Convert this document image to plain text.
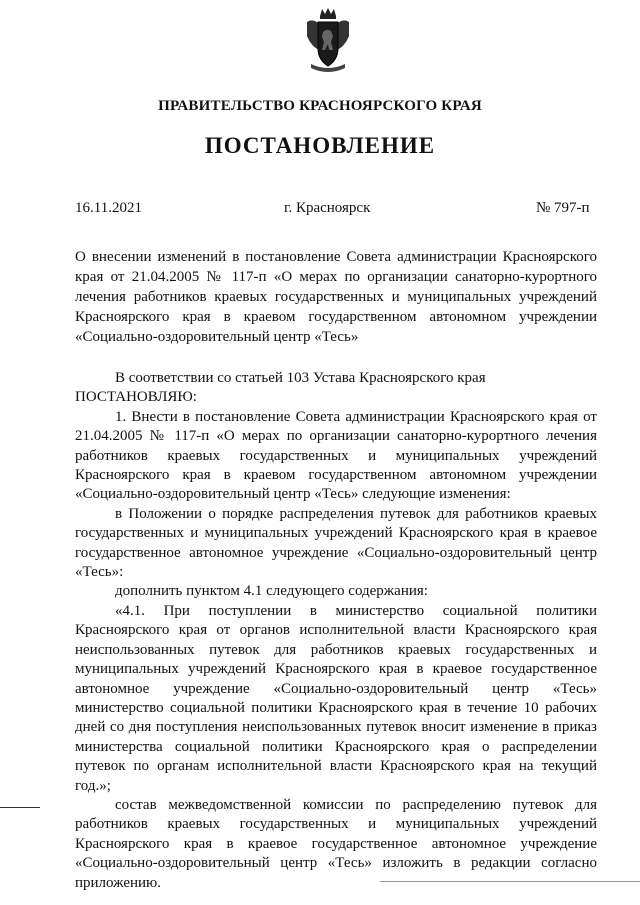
ПРАВИТЕЛЬСТВО КРАСНОЯРСКОГО КРАЯ
ПОСТАНОВЛЕНИЕ
16.11.2021	г. Красноярск	№ 797-п
О внесении изменений в постановление Совета администрации Красноярского края от 21.04.2005 № 117-п «О мерах по организации санаторно-курортного лечения работников краевых государственных и муниципальных учреждений Красноярского края в краевом государственном автономном учреждении «Социально-оздоровительный центр «Тесь»

В соответствии со статьей 103 Устава Красноярского края

ПОСТАНОВЛЯЮ:

1. Внести в постановление Совета администрации Красноярского края от 21.04.2005 № 117-п «О мерах по организации санаторно-курортного лечения работников краевых государственных и муниципальных учреждений Красноярского края в краевом государственном автономном учреждении «Социально-оздоровительный центр «Тесь» следующие изменения:

в Положении о порядке распределения путевок для работников краевых государственных и муниципальных учреждений Красноярского края в краевое государственное автономное учреждение «Социально-оздоровительный центр «Тесь»:

дополнить пунктом 4.1 следующего содержания:

«4.1. При поступлении в министерство социальной политики Красноярского края от органов исполнительной власти Красноярского края неиспользованных путевок для работников краевых государственных и муниципальных учреждений Красноярского края в краевое государственное автономное учреждение «Социально-оздоровительный центр «Тесь» министерство социальной политики Красноярского края в течение 10 рабочих дней со дня поступления неиспользованных путевок вносит изменение в приказ министерства социальной политики Красноярского края о распределении путевок по органам исполнительной власти Красноярского края на текущий год.»;

состав межведомственной комиссии по распределению путевок для работников краевых государственных и муниципальных учреждений Красноярского края в краевое государственное автономное учреждение «Социально-оздоровительный центр «Тесь» изложить в редакции согласно приложению.
